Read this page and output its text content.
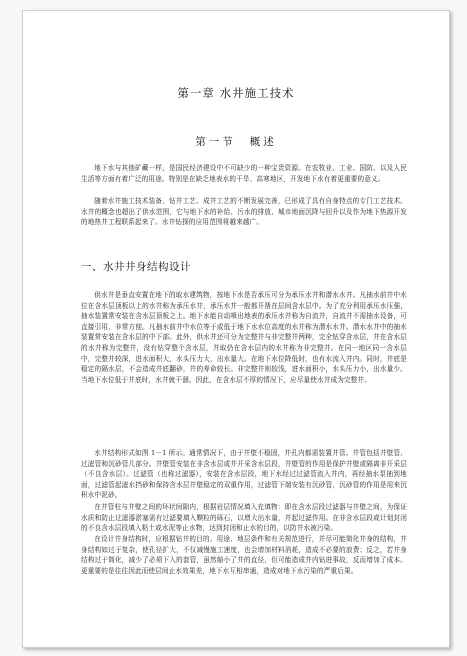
第一章 水井施工技术
第一节 概述

地下水与其他矿藏一样，是国民经济建设中不可缺少的一种宝贵资源。在农牧业、工业、国防、以及人民生活等方面有着广泛的用途。特别是在缺乏地表水的干旱、高寒地区，开发地下水有着更重要的意义。

随着水井施工技术装备、钻井工艺、成井工艺的不断发展完善，已形成了具有自身特点的专门工艺技术。水井的概念也超出了供水范围，它与地下水的补给、污水的排放、城市地面沉降与回升以及作为地下热源开发的地热井工程联系起来了。水井钻探的应用范围将越来越广。

一、水井井身结构设计

供水井是垂直安置在地下的取水建筑物，按地下水是否承压可分为承压水井和潜水水井。凡抽水前井中水位在含水层顶板以上的水井称为承压水井，承压水井一般都开凿在层间含水层中。为了充分利用承压水压强，抽水装置常安装在含水层顶板之上。地下水能自动喷出地表的承压水井称为自流井，自流井不需抽水设备，可直接引用，非常方便。凡抽水前井中水位等于或低于地下水水位高度的水井称为潜水水井。潜水水井中的抽水装置常安装在含水层的中下部。此外，供水井还可分为完整井与非完整井两种，完全钻穿含水层，并在含水层的水井称为完整井，没有钻穿整个含水层，并取仍在含水层内的水井称为非完整井。在同一地区同一含水层中，完整井较深，进水面积大，水头压力大，出水量大。在地下水位降低时，也有水流入井内。同时，井底是稳定的隔水层，不会造成井底翻砂，井的寿命较长。非完整井则较浅，进水面积小，水头压力小，出水量少。当地下水位低于井底时，水井就干涸。因此，在含水层不厚的情况下，应尽量使水井成为完整井。

水井结构形式如图 1－1 所示。通常情况下，由于井壁不稳固，井孔内都需装置井管。井管包括井壁管、过滤管和沉砂管几部分。井壁管安装在非含水层或井开采含水层段，井壁管的作用是保护井壁或隔离非开采层（不良含水层）。过滤管（也称过滤器），安装在含水层段，地下水经过过滤管流入井内，再经抽水泵抽到地面，过滤管起滤水挡砂和保持含水层井壁稳定的双重作用，过滤管下端安装有沉砂管，沉砂管的作用是用来沉积水中泥砂。

在井管柱与井壁之间的环状间隙内，根据岩层情况填入充填物：即在含水层段过滤器与井壁之间，为保证水质和防止过滤器淤塞需有过滤要填入颗粒的砾石，以增大出水量，并起过滤作用。在非含水层段或计划封闭的不良含水层段填入粘土或水泥等止水物，达到封闭和止水的目的，以防井水被污染。

在设计井身结构时，应根据钻井的目的、用途、地层条件和有关规范进行，并尽可能简化井身的结构，井身结构如过于复杂，使孔径扩大，不仅减慢施工速度，也会增加材料消耗，造成不必要的浪费；反之，若井身结构过于简化，减少了必须下入的套管，虽然缩小了井的直径，但可能造成井内钻进事故，反而增加了成本。更重要的是往往因此而使层间止水效果差，地下水互相串通，造成对地下水污染的严重后果。
